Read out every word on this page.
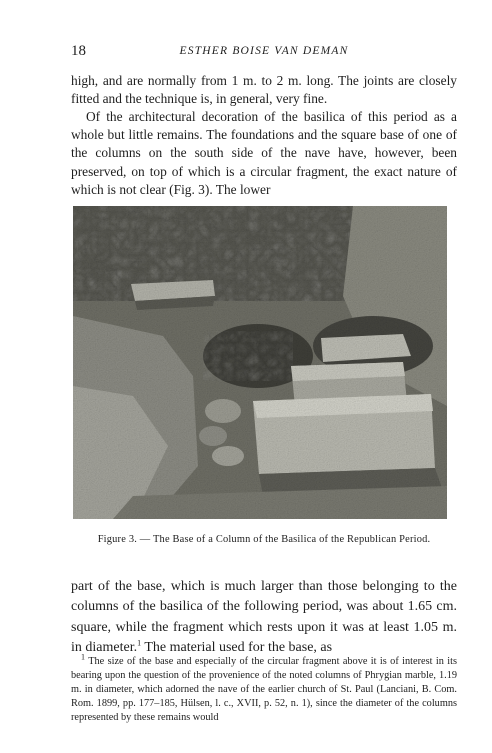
18	ESTHER BOISE VAN DEMAN

high, and are normally from 1 m. to 2 m. long. The joints are closely fitted and the technique is, in general, very fine.

Of the architectural decoration of the basilica of this period as a whole but little remains. The foundations and the square base of one of the columns on the south side of the nave have, however, been preserved, on top of which is a circular fragment, the exact nature of which is not clear (Fig. 3). The lower

Figure 3. — The Base of a Column of the Basilica of the Republican Period.

part of the base, which is much larger than those belonging to the columns of the basilica of the following period, was about 1.65 cm. square, while the fragment which rests upon it was at least 1.05 m. in diameter.$^1$ The material used for the base, as

$^1$ The size of the base and especially of the circular fragment above it is of interest in its bearing upon the question of the provenience of the noted columns of Phrygian marble, 1.19 m. in diameter, which adorned the nave of the earlier church of St. Paul (Lanciani, B. Com. Rom. 1899, pp. 177–185, Hülsen, l. c., XVII, p. 52, n. 1), since the diameter of the columns represented by these remains would
